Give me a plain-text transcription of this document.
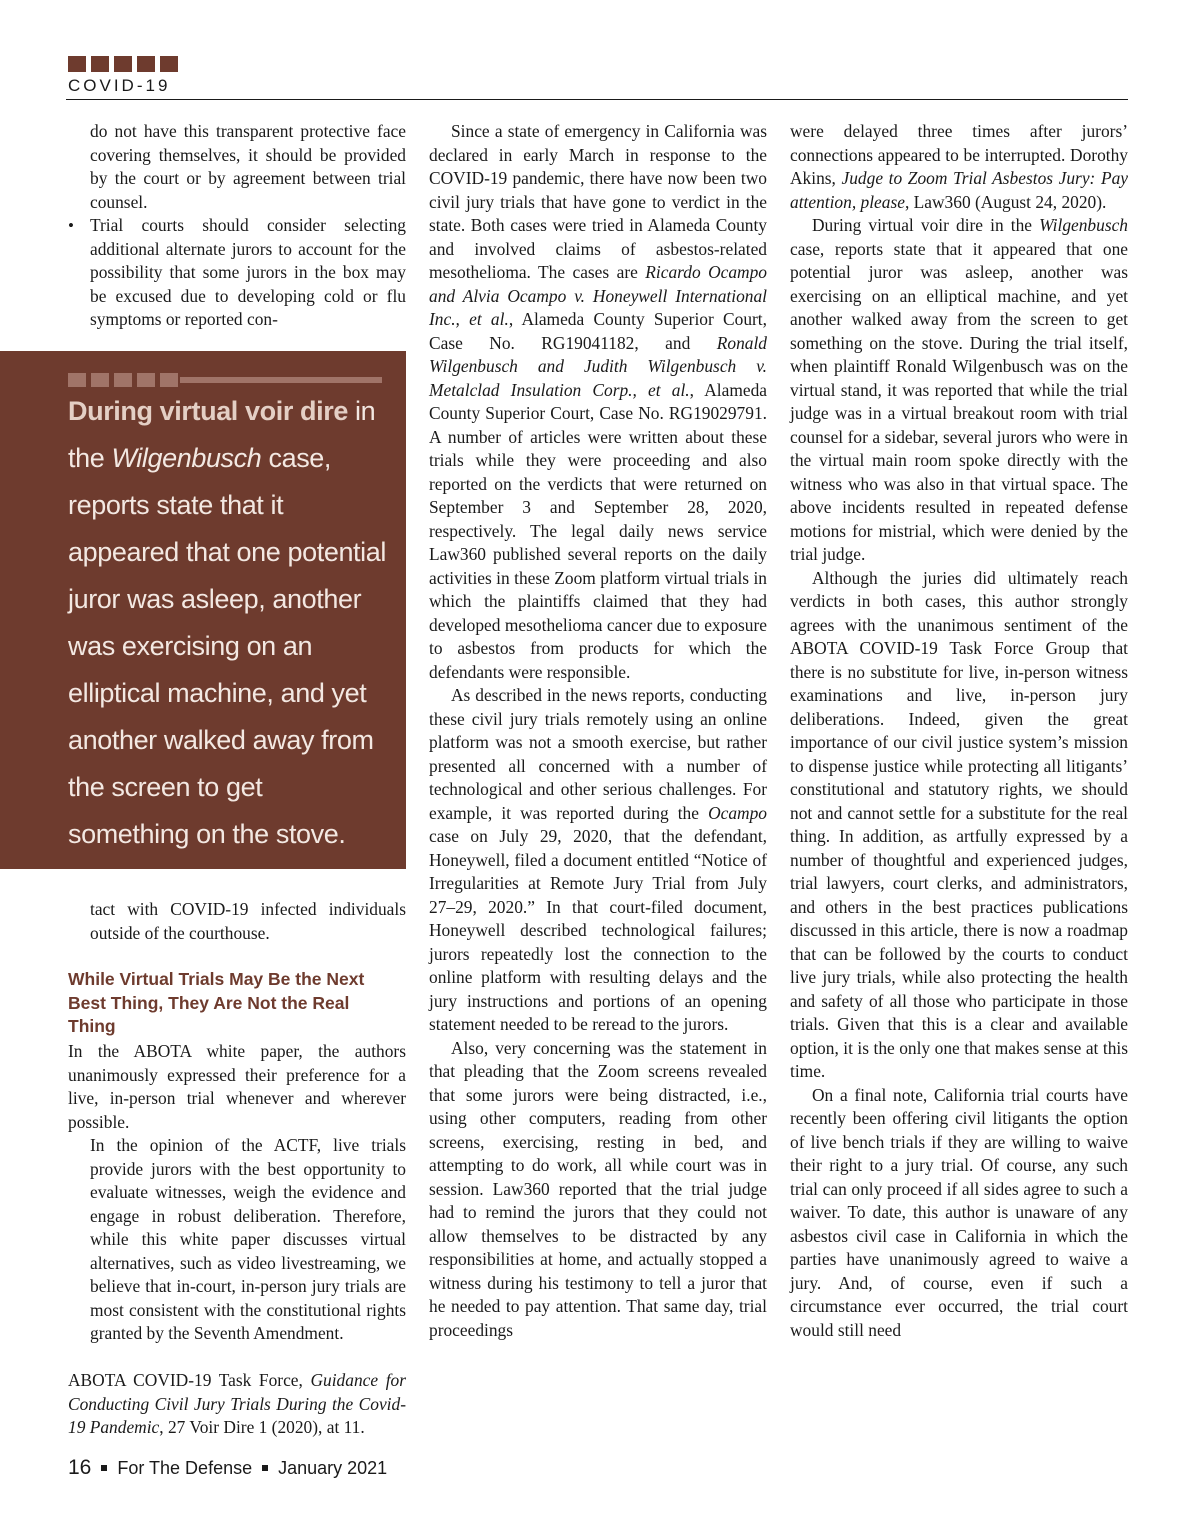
COVID-19
do not have this transparent protective face covering themselves, it should be provided by the court or by agreement between trial counsel.
• Trial courts should consider selecting additional alternate jurors to account for the possibility that some jurors in the box may be excused due to developing cold or flu symptoms or reported con-
During virtual voir dire in the Wilgenbusch case, reports state that it appeared that one potential juror was asleep, another was exercising on an elliptical machine, and yet another walked away from the screen to get something on the stove.
tact with COVID-19 infected individuals outside of the courthouse.
While Virtual Trials May Be the Next Best Thing, They Are Not the Real Thing
In the ABOTA white paper, the authors unanimously expressed their preference for a live, in-person trial whenever and wherever possible.
In the opinion of the ACTF, live trials provide jurors with the best opportunity to evaluate witnesses, weigh the evidence and engage in robust deliberation. Therefore, while this white paper discusses virtual alternatives, such as video livestreaming, we believe that in-court, in-person jury trials are most consistent with the constitutional rights granted by the Seventh Amendment.
ABOTA COVID-19 Task Force, Guidance for Conducting Civil Jury Trials During the Covid-19 Pandemic, 27 Voir Dire 1 (2020), at 11.

Since a state of emergency in California was declared in early March in response to the COVID-19 pandemic, there have now been two civil jury trials that have gone to verdict in the state. Both cases were tried in Alameda County and involved claims of asbestos-related mesothelioma. The cases are Ricardo Ocampo and Alvia Ocampo v. Honeywell International Inc., et al., Alameda County Superior Court, Case No. RG19041182, and Ronald Wilgenbusch and Judith Wilgenbusch v. Metalclad Insulation Corp., et al., Alameda County Superior Court, Case No. RG19029791. A number of articles were written about these trials while they were proceeding and also reported on the verdicts that were returned on September 3 and September 28, 2020, respectively. The legal daily news service Law360 published several reports on the daily activities in these Zoom platform virtual trials in which the plaintiffs claimed that they had developed mesothelioma cancer due to exposure to asbestos from products for which the defendants were responsible.

As described in the news reports, conducting these civil jury trials remotely using an online platform was not a smooth exercise, but rather presented all concerned with a number of technological and other serious challenges. For example, it was reported during the Ocampo case on July 29, 2020, that the defendant, Honeywell, filed a document entitled “Notice of Irregularities at Remote Jury Trial from July 27–29, 2020.” In that court-filed document, Honeywell described technological failures; jurors repeatedly lost the connection to the online platform with resulting delays and the jury instructions and portions of an opening statement needed to be reread to the jurors.

Also, very concerning was the statement in that pleading that the Zoom screens revealed that some jurors were being distracted, i.e., using other computers, reading from other screens, exercising, resting in bed, and attempting to do work, all while court was in session. Law360 reported that the trial judge had to remind the jurors that they could not allow themselves to be distracted by any responsibilities at home, and actually stopped a witness during his testimony to tell a juror that he needed to pay attention. That same day, trial proceedings

were delayed three times after jurors’ connections appeared to be interrupted. Dorothy Akins, Judge to Zoom Trial Asbestos Jury: Pay attention, please, Law360 (August 24, 2020).

During virtual voir dire in the Wilgenbusch case, reports state that it appeared that one potential juror was asleep, another was exercising on an elliptical machine, and yet another walked away from the screen to get something on the stove. During the trial itself, when plaintiff Ronald Wilgenbusch was on the virtual stand, it was reported that while the trial judge was in a virtual breakout room with trial counsel for a sidebar, several jurors who were in the virtual main room spoke directly with the witness who was also in that virtual space. The above incidents resulted in repeated defense motions for mistrial, which were denied by the trial judge.

Although the juries did ultimately reach verdicts in both cases, this author strongly agrees with the unanimous sentiment of the ABOTA COVID-19 Task Force Group that there is no substitute for live, in-person witness examinations and live, in-person jury deliberations. Indeed, given the great importance of our civil justice system’s mission to dispense justice while protecting all litigants’ constitutional and statutory rights, we should not and cannot settle for a substitute for the real thing. In addition, as artfully expressed by a number of thoughtful and experienced judges, trial lawyers, court clerks, and administrators, and others in the best practices publications discussed in this article, there is now a roadmap that can be followed by the courts to conduct live jury trials, while also protecting the health and safety of all those who participate in those trials. Given that this is a clear and available option, it is the only one that makes sense at this time.

On a final note, California trial courts have recently been offering civil litigants the option of live bench trials if they are willing to waive their right to a jury trial. Of course, any such trial can only proceed if all sides agree to such a waiver. To date, this author is unaware of any asbestos civil case in California in which the parties have unanimously agreed to waive a jury. And, of course, even if such a circumstance ever occurred, the trial court would still need

16 For The Defense January 2021
